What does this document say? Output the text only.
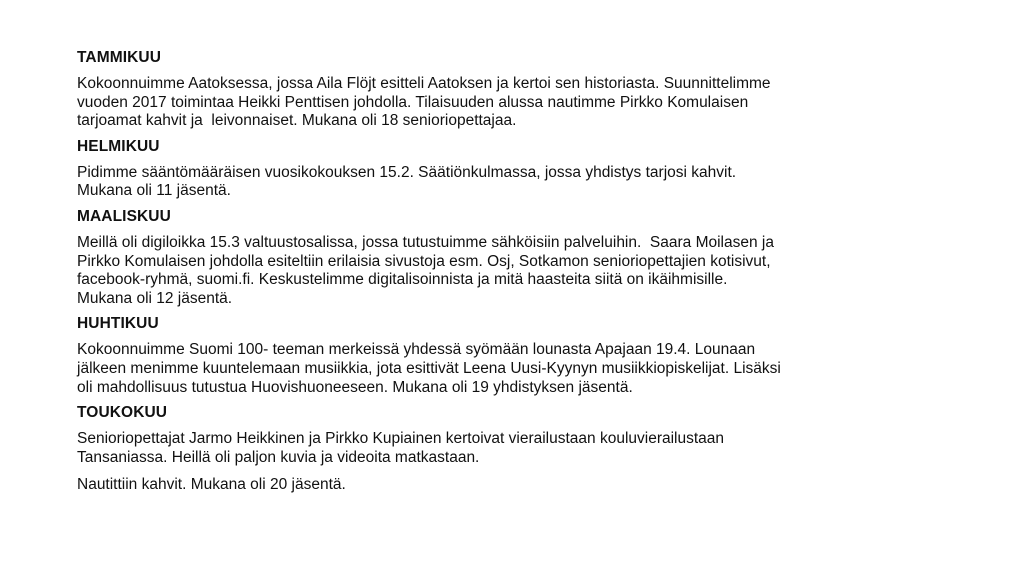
TAMMIKUU

Kokoonnuimme Aatoksessa, jossa Aila Flöjt esitteli Aatoksen ja kertoi sen historiasta. Suunnittelimme
vuoden 2017 toimintaa Heikki Penttisen johdolla. Tilaisuuden alussa nautimme Pirkko Komulaisen
tarjoamat kahvit ja  leivonnaiset. Mukana oli 18 senioriopettajaa.

HELMIKUU

Pidimme sääntömääräisen vuosikokouksen 15.2. Säätiönkulmassa, jossa yhdistys tarjosi kahvit.
Mukana oli 11 jäsentä.

MAALISKUU

Meillä oli digiloikka 15.3 valtuustosalissa, jossa tutustuimme sähköisiin palveluihin.  Saara Moilasen ja
Pirkko Komulaisen johdolla esiteltiin erilaisia sivustoja esm. Osj, Sotkamon senioriopettajien kotisivut,
facebook-ryhmä, suomi.fi. Keskustelimme digitalisoinnista ja mitä haasteita siitä on ikäihmisille.
Mukana oli 12 jäsentä.

HUHTIKUU

Kokoonnuimme Suomi 100- teeman merkeissä yhdessä syömään lounasta Apajaan 19.4. Lounaan
jälkeen menimme kuuntelemaan musiikkia, jota esittivät Leena Uusi-Kyynyn musiikkiopiskelijat. Lisäksi
oli mahdollisuus tutustua Huovishuoneeseen. Mukana oli 19 yhdistyksen jäsentä.

TOUKOKUU

Senioriopettajat Jarmo Heikkinen ja Pirkko Kupiainen kertoivat vierailustaan kouluvierailustaan
Tansaniassa. Heillä oli paljon kuvia ja videoita matkastaan.

Nautittiin kahvit. Mukana oli 20 jäsentä.
